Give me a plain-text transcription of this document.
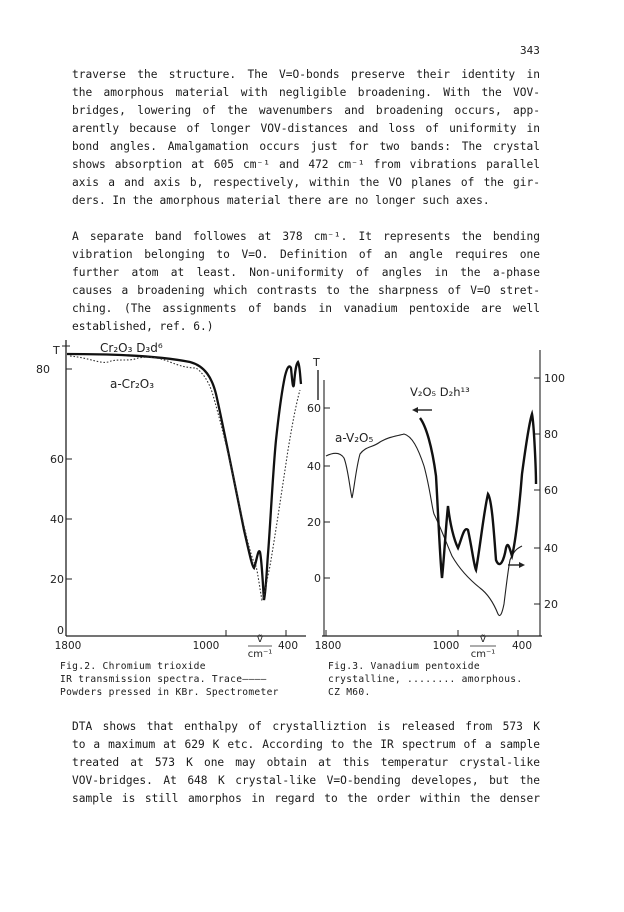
343
traverse the structure. The V=O-bonds preserve their identity in
the amorphous material with negligible broadening. With the VOV-
bridges, lowering of the wavenumbers and broadening occurs, app-
arently because of longer VOV-distances and loss of uniformity in
bond angles. Amalgamation occurs just for two bands: The crystal
shows absorption at 605 cm⁻¹ and 472 cm⁻¹ from vibrations parallel
axis a and axis b, respectively, within the VO planes of the gir-
ders. In the amorphous material there are no longer such axes.
A separate band followes at 378 cm⁻¹. It represents the bending
vibration belonging to V=O. Definition of an angle requires one
further atom at least. Non-uniformity of angles in the a-phase
causes a broadening which contrasts to the sharpness of V=O stret-
ching. (The assignments of bands in vanadium pentoxide are well
established, ref. 6.)
T
80
60
40
20
0
1800	1000	400
ṽ
cm⁻¹
Cr₂O₃ D₃d⁶
a-Cr₂O₃
T
60
40
20
0
100
80
60
40
20
1800	1000	400
ṽ
cm⁻¹
V₂O₅ D₂h¹³
a-V₂O₅
Fig.2. Chromium trioxide
IR transmission spectra. Trace————
Powders pressed in KBr. Spectrometer
Fig.3. Vanadium pentoxide
crystalline, ........ amorphous.
CZ M60.
DTA shows that enthalpy of crystalliztion is released from 573 K
to a maximum at 629 K etc. According to the IR spectrum of a sample
treated at 573 K one may obtain at this temperatur crystal-like
VOV-bridges. At 648 K crystal-like V=O-bending developes, but the
sample is still amorphos in regard to the order within the denser
